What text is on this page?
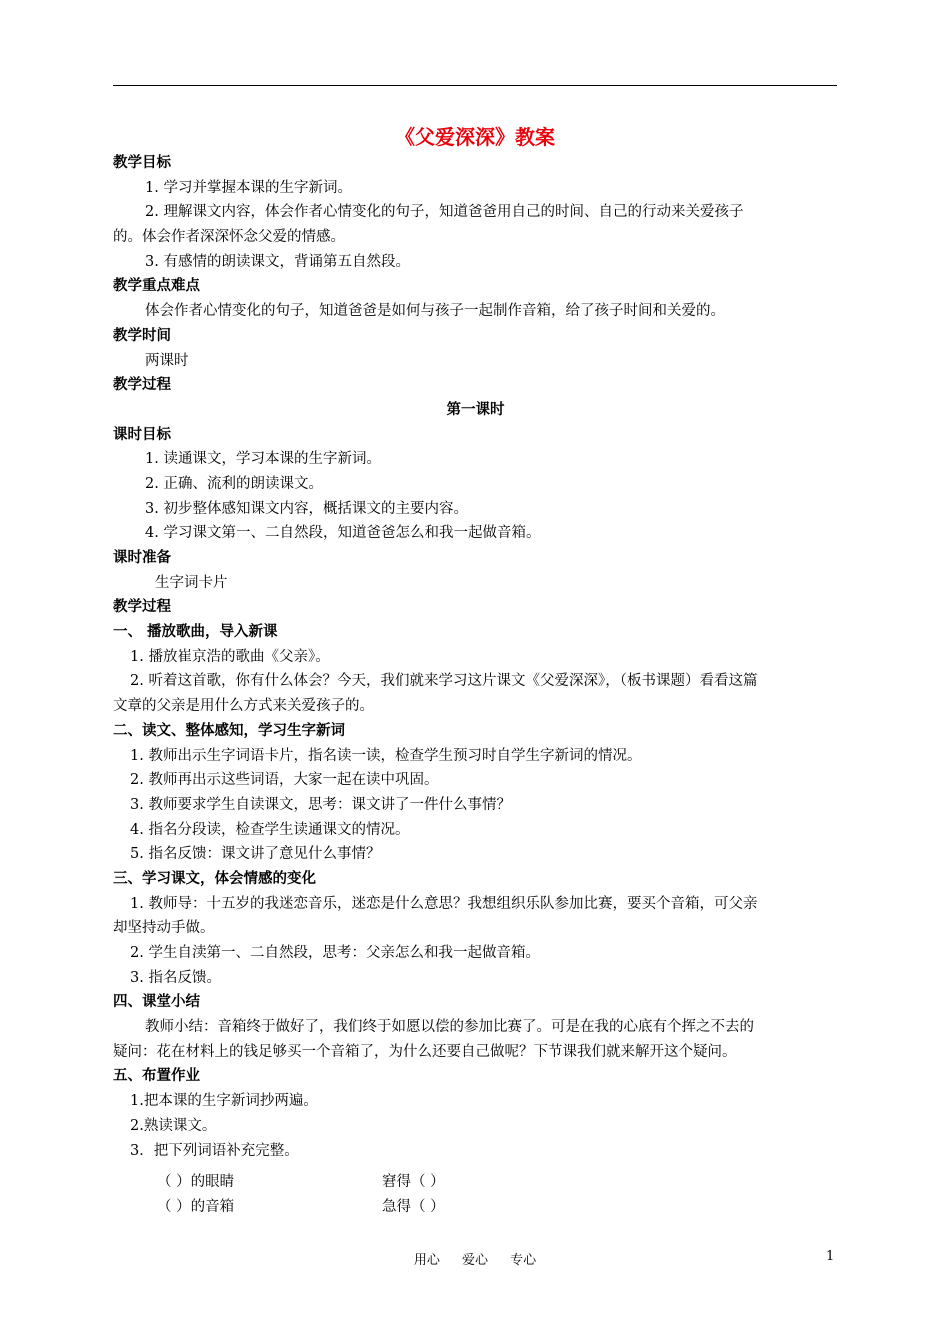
《父爱深深》教案
教学目标
1. 学习并掌握本课的生字新词。
2. 理解课文内容，体会作者心情变化的句子，知道爸爸用自己的时间、自己的行动来关爱孩子
的。体会作者深深怀念父爱的情感。
3. 有感情的朗读课文，背诵第五自然段。
教学重点难点
体会作者心情变化的句子，知道爸爸是如何与孩子一起制作音箱，给了孩子时间和关爱的。
教学时间
两课时
教学过程
第一课时
课时目标
1. 读通课文，学习本课的生字新词。
2. 正确、流利的朗读课文。
3. 初步整体感知课文内容，概括课文的主要内容。
4. 学习课文第一、二自然段，知道爸爸怎么和我一起做音箱。
课时准备
生字词卡片
教学过程
一、 播放歌曲，导入新课
1. 播放崔京浩的歌曲《父亲》。
2. 听着这首歌，你有什么体会？今天，我们就来学习这片课文《父爱深深》，（板书课题）看看这篇
文章的父亲是用什么方式来关爱孩子的。
二、读文、整体感知，学习生字新词
1. 教师出示生字词语卡片，指名读一读，检查学生预习时自学生字新词的情况。
2. 教师再出示这些词语，大家一起在读中巩固。
3. 教师要求学生自读课文，思考：课文讲了一件什么事情？
4. 指名分段读，检查学生读通课文的情况。
5. 指名反馈：课文讲了意见什么事情？
三、学习课文，体会情感的变化
1. 教师导：十五岁的我迷恋音乐，迷恋是什么意思？我想组织乐队参加比赛，要买个音箱，可父亲
却坚持动手做。
2. 学生自渎第一、二自然段，思考：父亲怎么和我一起做音箱。
3. 指名反馈。
四、课堂小结
教师小结：音箱终于做好了，我们终于如愿以偿的参加比赛了。可是在我的心底有个挥之不去的
疑问：花在材料上的钱足够买一个音箱了，为什么还要自己做呢？下节课我们就来解开这个疑问。
五、布置作业
1.把本课的生字新词抄两遍。
2.熟读课文。
3．把下列词语补充完整。
（ ）的眼睛	窘得（ ）
（ ）的音箱	急得（ ）
用心 爱心 专心	1
